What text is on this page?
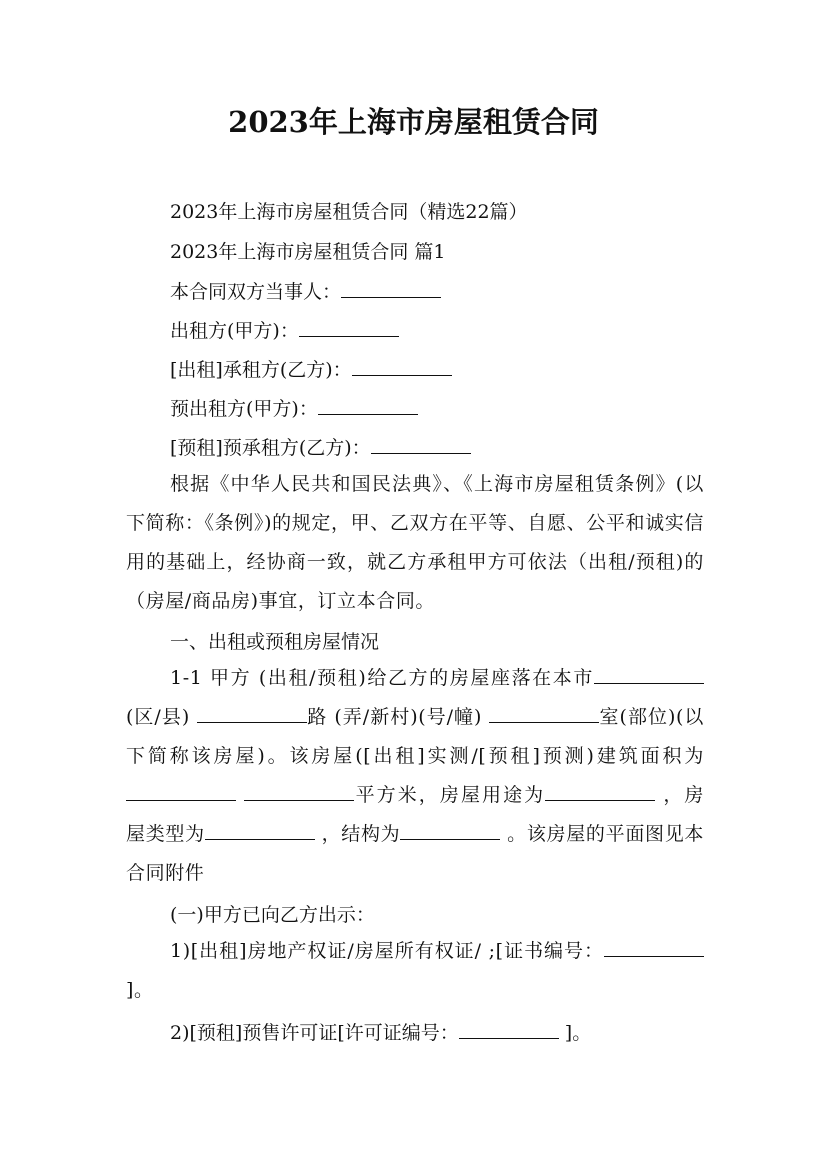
2023年上海市房屋租赁合同
2023年上海市房屋租赁合同（精选22篇）
2023年上海市房屋租赁合同 篇1
本合同双方当事人：
出租方(甲方)：
[出租]承租方(乙方)：
预出租方(甲方)：
[预租]预承租方(乙方)：
根据《中华人民共和国民法典》、《上海市房屋租赁条例》(以下简称：《条例》)的规定，甲、乙双方在平等、自愿、公平和诚实信用的基础上，经协商一致，就乙方承租甲方可依法（出租/预租)的（房屋/商品房)事宜，订立本合同。
一、出租或预租房屋情况
1-1 甲方 (出租/预租)给乙方的房屋座落在本市(区/县)	路 (弄/新村)(号/幢)	室(部位)(以下简称该房屋)。该房屋([出租]实测/[预租]预测)建筑面积为 平方米，房屋用途为	，房屋类型为	，结构为	。该房屋的平面图见本合同附件
(一)甲方已向乙方出示：
1)[出租]房地产权证/房屋所有权证/ ;[证书编号： ]。
2)[预租]预售许可证[许可证编号：	]。
